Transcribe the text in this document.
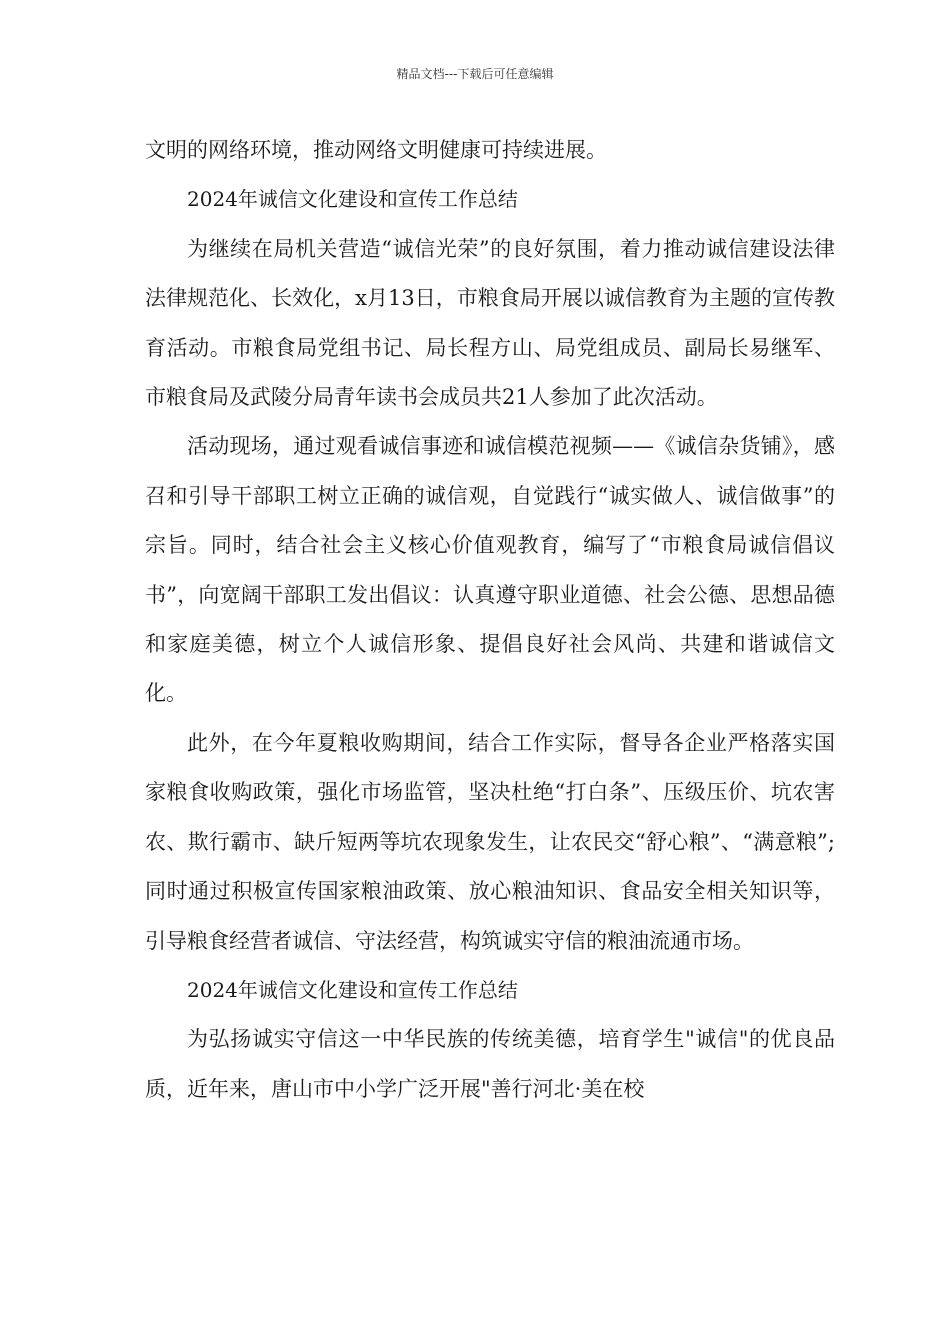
精品文档---下载后可任意编辑

文明的网络环境，推动网络文明健康可持续进展。

2024年诚信文化建设和宣传工作总结

为继续在局机关营造“诚信光荣”的良好氛围，着力推动诚信建设法律法律规范化、长效化，x月13日，市粮食局开展以诚信教育为主题的宣传教育活动。市粮食局党组书记、局长程方山、局党组成员、副局长易继军、市粮食局及武陵分局青年读书会成员共21人参加了此次活动。

活动现场，通过观看诚信事迹和诚信模范视频——《诚信杂货铺》，感召和引导干部职工树立正确的诚信观，自觉践行“诚实做人、诚信做事”的宗旨。同时，结合社会主义核心价值观教育，编写了“市粮食局诚信倡议书”，向宽阔干部职工发出倡议：认真遵守职业道德、社会公德、思想品德和家庭美德，树立个人诚信形象、提倡良好社会风尚、共建和谐诚信文化。

此外，在今年夏粮收购期间，结合工作实际，督导各企业严格落实国家粮食收购政策，强化市场监管，坚决杜绝“打白条”、压级压价、坑农害农、欺行霸市、缺斤短两等坑农现象发生，让农民交“舒心粮”、“满意粮”;同时通过积极宣传国家粮油政策、放心粮油知识、食品安全相关知识等，引导粮食经营者诚信、守法经营，构筑诚实守信的粮油流通市场。

2024年诚信文化建设和宣传工作总结

为弘扬诚实守信这一中华民族的传统美德，培育学生"诚信"的优良品质，近年来，唐山市中小学广泛开展"善行河北·美在校
